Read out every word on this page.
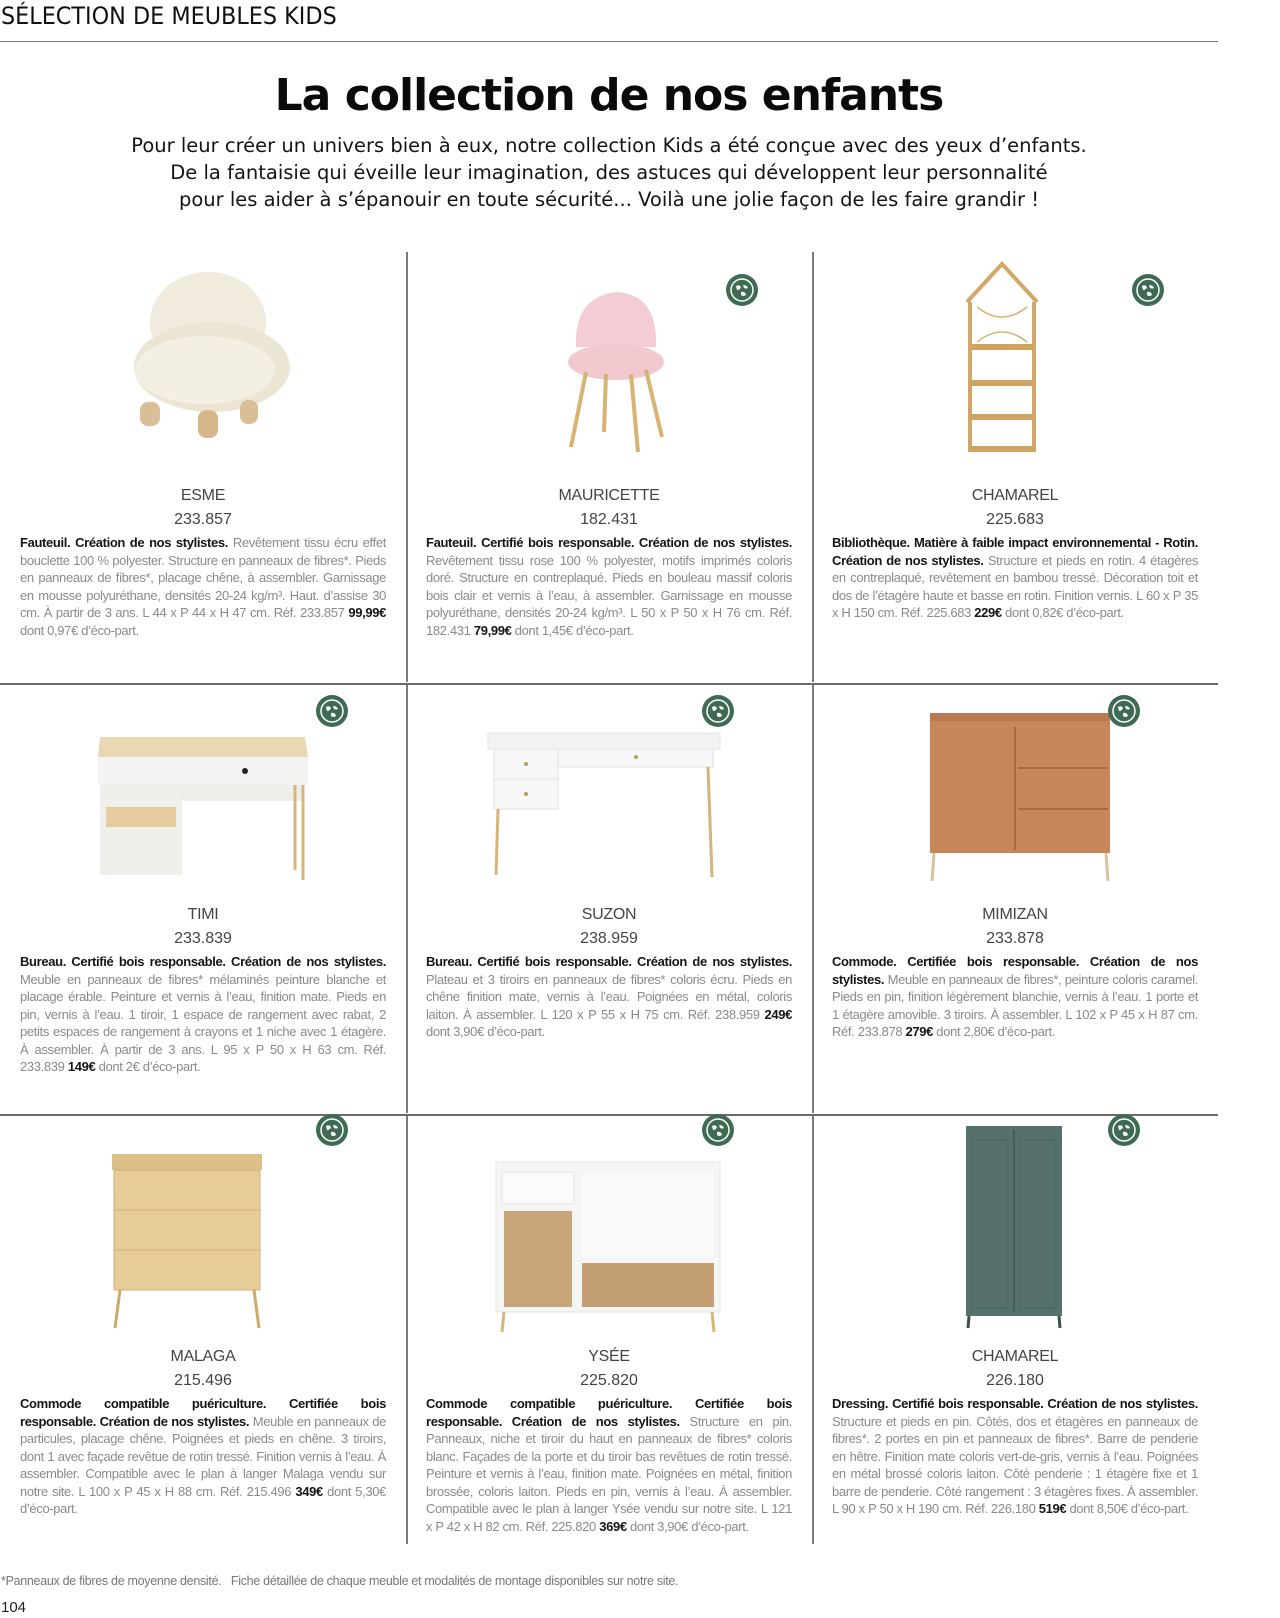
SÉLECTION DE MEUBLES KIDS
La collection de nos enfants
Pour leur créer un univers bien à eux, notre collection Kids a été conçue avec des yeux d’enfants.
De la fantaisie qui éveille leur imagination, des astuces qui développent leur personnalité
pour les aider à s’épanouir en toute sécurité... Voilà une jolie façon de les faire grandir !
ESME
233.857

Fauteuil. Création de nos stylistes. Revêtement tissu écru effet bouclette 100 % polyester. Structure en panneaux de fibres*. Pieds en panneaux de fibres*, placage chêne, à assembler. Garnissage en mousse polyuréthane, densités 20-24 kg/m³. Haut. d’assise 30 cm. À partir de 3 ans. L 44 x P 44 x H 47 cm. Réf. 233.857 99,99€ dont 0,97€ d’éco-part.

MAURICETTE
182.431

Fauteuil. Certifié bois responsable. Création de nos stylistes. Revêtement tissu rose 100 % polyester, motifs imprimés coloris doré. Structure en contreplaqué. Pieds en bouleau massif coloris bois clair et vernis à l’eau, à assembler. Garnissage en mousse polyuréthane, densités 20-24 kg/m³. L 50 x P 50 x H 76 cm. Réf. 182.431 79,99€ dont 1,45€ d’éco-part.

CHAMAREL
225.683

Bibliothèque. Matière à faible impact environnemental - Rotin. Création de nos stylistes. Structure et pieds en rotin. 4 étagères en contreplaqué, revêtement en bambou tressé. Décoration toit et dos de l’étagère haute et basse en rotin. Finition vernis. L 60 x P 35 x H 150 cm. Réf. 225.683 229€ dont 0,82€ d’éco-part.

TIMI
233.839

Bureau. Certifié bois responsable. Création de nos stylistes. Meuble en panneaux de fibres* mélaminés peinture blanche et placage érable. Peinture et vernis à l’eau, finition mate. Pieds en pin, vernis à l’eau. 1 tiroir, 1 espace de rangement avec rabat, 2 petits espaces de rangement à crayons et 1 niche avec 1 étagère. À assembler. À partir de 3 ans. L 95 x P 50 x H 63 cm. Réf. 233.839 149€ dont 2€ d’éco-part.

SUZON
238.959

Bureau. Certifié bois responsable. Création de nos stylistes. Plateau et 3 tiroirs en panneaux de fibres* coloris écru. Pieds en chêne finition mate, vernis à l’eau. Poignées en métal, coloris laiton. À assembler. L 120 x P 55 x H 75 cm. Réf. 238.959 249€ dont 3,90€ d’éco-part.

MIMIZAN
233.878

Commode. Certifiée bois responsable. Création de nos stylistes. Meuble en panneaux de fibres*, peinture coloris caramel. Pieds en pin, finition légèrement blanchie, vernis à l’eau. 1 porte et 1 étagère amovible. 3 tiroirs. À assembler. L 102 x P 45 x H 87 cm. Réf. 233.878 279€ dont 2,80€ d’éco-part.

MALAGA
215.496

Commode compatible puériculture. Certifiée bois responsable. Création de nos stylistes. Meuble en panneaux de particules, placage chêne. Poignées et pieds en chêne. 3 tiroirs, dont 1 avec façade revêtue de rotin tressé. Finition vernis à l’eau. À assembler. Compatible avec le plan à langer Malaga vendu sur notre site. L 100 x P 45 x H 88 cm. Réf. 215.496 349€ dont 5,30€ d’éco-part.

YSÉE
225.820

Commode compatible puériculture. Certifiée bois responsable. Création de nos stylistes. Structure en pin. Panneaux, niche et tiroir du haut en panneaux de fibres* coloris blanc. Façades de la porte et du tiroir bas revêtues de rotin tressé. Peinture et vernis à l’eau, finition mate. Poignées en métal, finition brossée, coloris laiton. Pieds en pin, vernis à l’eau. À assembler. Compatible avec le plan à langer Ysée vendu sur notre site. L 121 x P 42 x H 82 cm. Réf. 225.820 369€ dont 3,90€ d’éco-part.

CHAMAREL
226.180

Dressing. Certifié bois responsable. Création de nos stylistes. Structure et pieds en pin. Côtés, dos et étagères en panneaux de fibres*. 2 portes en pin et panneaux de fibres*. Barre de penderie en hêtre. Finition mate coloris vert-de-gris, vernis à l’eau. Poignées en métal brossé coloris laiton. Côté penderie : 1 étagère fixe et 1 barre de penderie. Côté rangement : 3 étagères fixes. À assembler. L 90 x P 50 x H 190 cm. Réf. 226.180 519€ dont 8,50€ d’éco-part.

*Panneaux de fibres de moyenne densité.   Fiche détaillée de chaque meuble et modalités de montage disponibles sur notre site.
104
